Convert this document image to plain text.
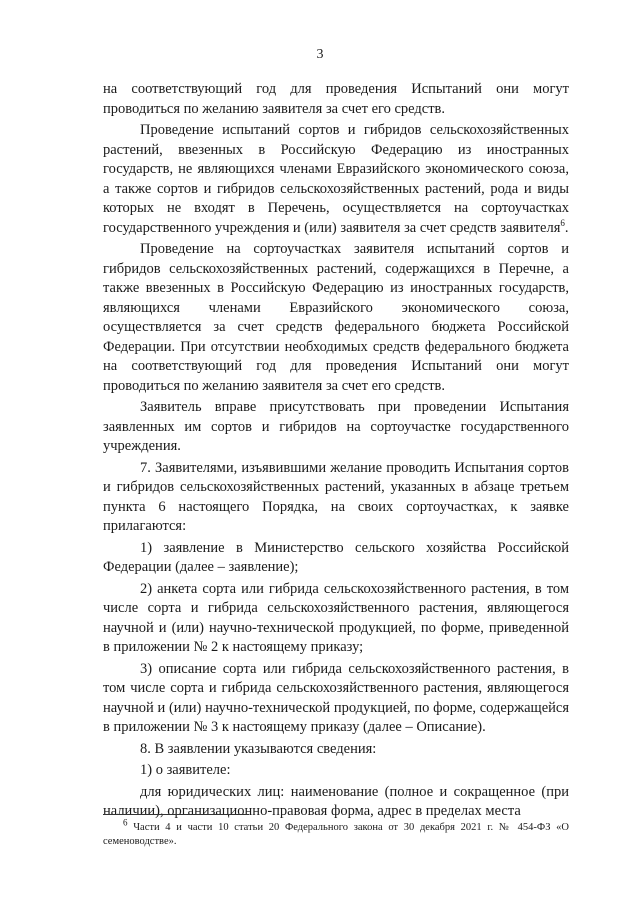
3

на соответствующий год для проведения Испытаний они могут проводиться по желанию заявителя за счет его средств.

Проведение испытаний сортов и гибридов сельскохозяйственных растений, ввезенных в Российскую Федерацию из иностранных государств, не являющихся членами Евразийского экономического союза, а также сортов и гибридов сельскохозяйственных растений, рода и виды которых не входят в Перечень, осуществляется на сортоучастках государственного учреждения и (или) заявителя за счет средств заявителя$^6$.

Проведение на сортоучастках заявителя испытаний сортов и гибридов сельскохозяйственных растений, содержащихся в Перечне, а также ввезенных в Российскую Федерацию из иностранных государств, являющихся членами Евразийского экономического союза, осуществляется за счет средств федерального бюджета Российской Федерации. При отсутствии необходимых средств федерального бюджета на соответствующий год для проведения Испытаний они могут проводиться по желанию заявителя за счет его средств.

Заявитель вправе присутствовать при проведении Испытания заявленных им сортов и гибридов на сортоучастке государственного учреждения.

7. Заявителями, изъявившими желание проводить Испытания сортов и гибридов сельскохозяйственных растений, указанных в абзаце третьем пункта 6 настоящего Порядка, на своих сортоучастках, к заявке прилагаются:

1) заявление в Министерство сельского хозяйства Российской Федерации (далее – заявление);

2) анкета сорта или гибрида сельскохозяйственного растения, в том числе сорта и гибрида сельскохозяйственного растения, являющегося научной и (или) научно-технической продукцией, по форме, приведенной в приложении № 2 к настоящему приказу;

3) описание сорта или гибрида сельскохозяйственного растения, в том числе сорта и гибрида сельскохозяйственного растения, являющегося научной и (или) научно-технической продукцией, по форме, содержащейся в приложении № 3 к настоящему приказу (далее – Описание).

8. В заявлении указываются сведения:

1) о заявителе:

для юридических лиц: наименование (полное и сокращенное (при наличии), организационно-правовая форма, адрес в пределах места

$^6$ Части 4 и части 10 статьи 20 Федерального закона от 30 декабря 2021 г. № 454-ФЗ «О семеноводстве».
